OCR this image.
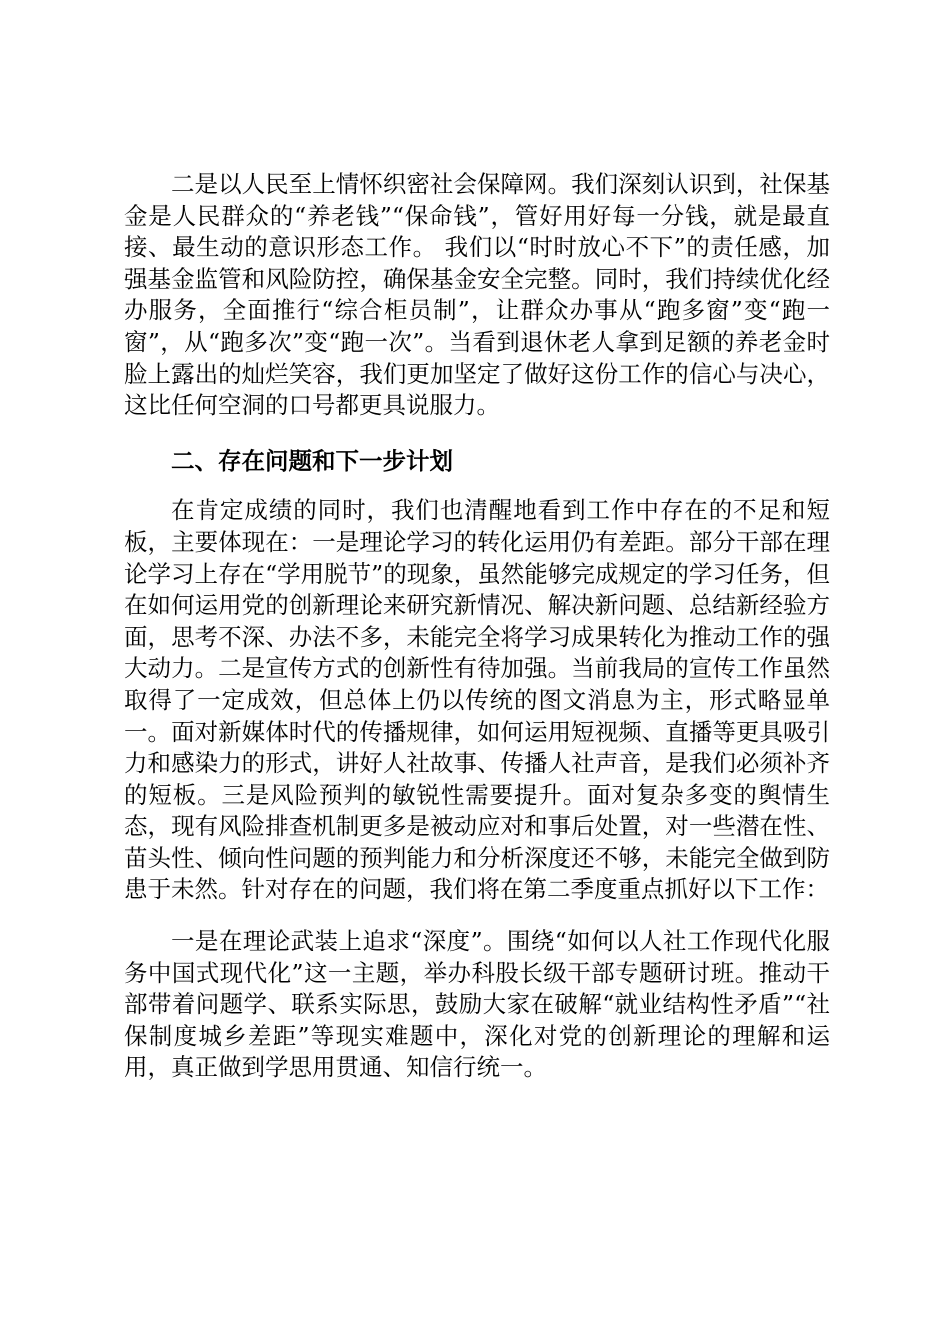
二是以人民至上情怀织密社会保障网。我们深刻认识到，社保基金是人民群众的“养老钱”“保命钱”，管好用好每一分钱，就是最直接、最生动的意识形态工作。 我们以“时时放心不下”的责任感，加强基金监管和风险防控，确保基金安全完整。同时，我们持续优化经办服务，全面推行“综合柜员制”，让群众办事从“跑多窗”变“跑一窗”，从“跑多次”变“跑一次”。当看到退休老人拿到足额的养老金时脸上露出的灿烂笑容，我们更加坚定了做好这份工作的信心与决心，这比任何空洞的口号都更具说服力。

二、存在问题和下一步计划

在肯定成绩的同时，我们也清醒地看到工作中存在的不足和短板，主要体现在：一是理论学习的转化运用仍有差距。部分干部在理论学习上存在“学用脱节”的现象，虽然能够完成规定的学习任务，但在如何运用党的创新理论来研究新情况、解决新问题、总结新经验方面，思考不深、办法不多，未能完全将学习成果转化为推动工作的强大动力。二是宣传方式的创新性有待加强。当前我局的宣传工作虽然取得了一定成效，但总体上仍以传统的图文消息为主，形式略显单一。面对新媒体时代的传播规律，如何运用短视频、直播等更具吸引力和感染力的形式，讲好人社故事、传播人社声音，是我们必须补齐的短板。三是风险预判的敏锐性需要提升。面对复杂多变的舆情生态，现有风险排查机制更多是被动应对和事后处置，对一些潜在性、苗头性、倾向性问题的预判能力和分析深度还不够，未能完全做到防患于未然。针对存在的问题，我们将在第二季度重点抓好以下工作：

一是在理论武装上追求“深度”。围绕“如何以人社工作现代化服务中国式现代化”这一主题，举办科股长级干部专题研讨班。推动干部带着问题学、联系实际思，鼓励大家在破解“就业结构性矛盾”“社保制度城乡差距”等现实难题中，深化对党的创新理论的理解和运用，真正做到学思用贯通、知信行统一。
